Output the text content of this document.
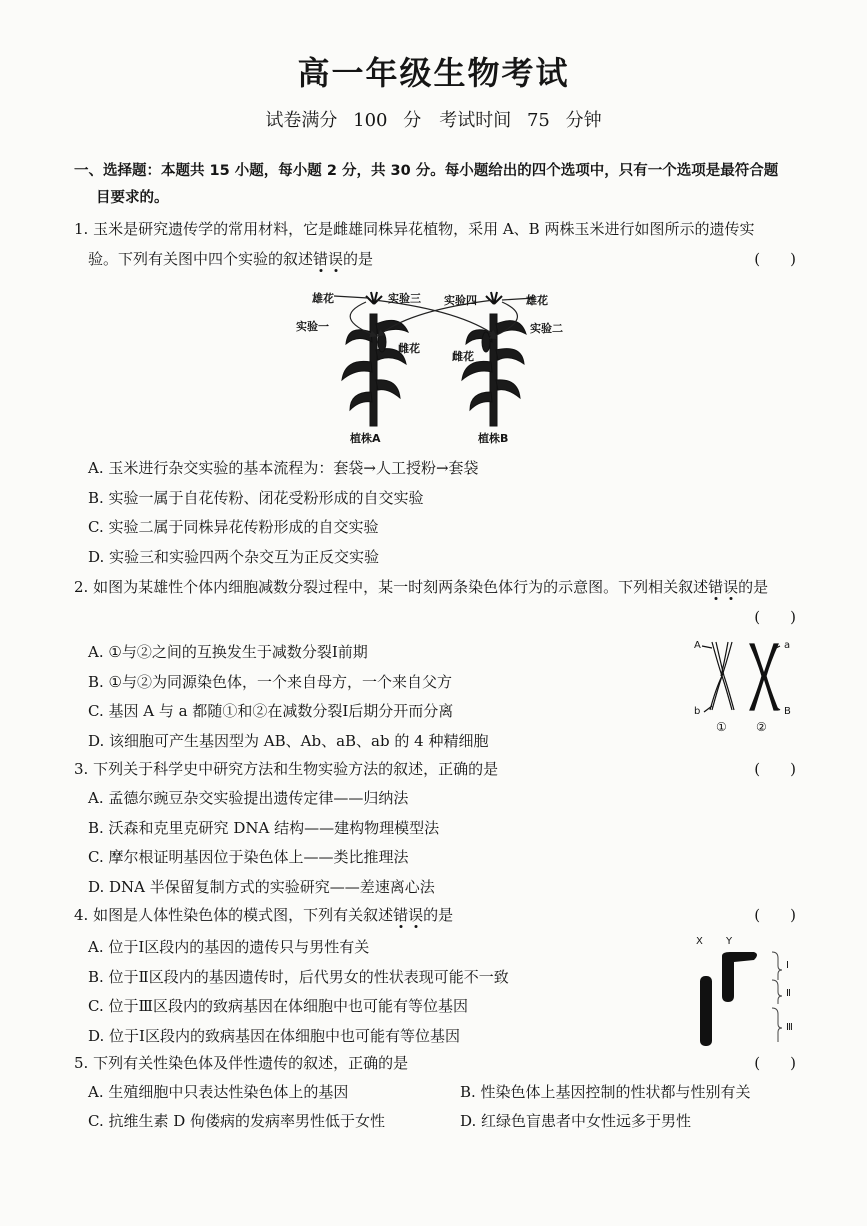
高一年级生物考试
试卷满分 100 分　考试时间 75 分钟
一、选择题：本题共 15 小题，每小题 2 分，共 30 分。每小题给出的四个选项中，只有一个选项是最符合题
目要求的。
1. 玉米是研究遗传学的常用材料，它是雌雄同株异花植物，采用 A、B 两株玉米进行如图所示的遗传实
验。下列有关图中四个实验的叙述错误的是	(　　)
雄花	实验三 实验四	雄花
实验一	实验二
雌花
雌花
植株A	植株B
A. 玉米进行杂交实验的基本流程为：套袋→人工授粉→套袋
B. 实验一属于自花传粉、闭花受粉形成的自交实验
C. 实验二属于同株异花传粉形成的自交实验
D. 实验三和实验四两个杂交互为正反交实验
2. 如图为某雄性个体内细胞减数分裂过程中，某一时刻两条染色体行为的示意图。下列相关叙述错误的是
(　　)
A. ①与②之间的互换发生于减数分裂Ⅰ前期
B. ①与②为同源染色体，一个来自母方，一个来自父方
C. 基因 A 与 a 都随①和②在减数分裂Ⅰ后期分开而分离
D. 该细胞可产生基因型为 AB、Ab、aB、ab 的 4 种精细胞
A	a
b	B
① ②
3. 下列关于科学史中研究方法和生物实验方法的叙述，正确的是	(　　)
A. 孟德尔豌豆杂交实验提出遗传定律——归纳法
B. 沃森和克里克研究 DNA 结构——建构物理模型法
C. 摩尔根证明基因位于染色体上——类比推理法
D. DNA 半保留复制方式的实验研究——差速离心法
4. 如图是人体性染色体的模式图，下列有关叙述错误的是	(　　)
A. 位于Ⅰ区段内的基因的遗传只与男性有关
B. 位于Ⅱ区段内的基因遗传时，后代男女的性状表现可能不一致
C. 位于Ⅲ区段内的致病基因在体细胞中也可能有等位基因
D. 位于Ⅰ区段内的致病基因在体细胞中也可能有等位基因
X Y
Ⅰ
Ⅱ
Ⅲ
5. 下列有关性染色体及伴性遗传的叙述，正确的是	(　　)
A. 生殖细胞中只表达性染色体上的基因	B. 性染色体上基因控制的性状都与性别有关
C. 抗维生素 D 佝偻病的发病率男性低于女性	D. 红绿色盲患者中女性远多于男性
